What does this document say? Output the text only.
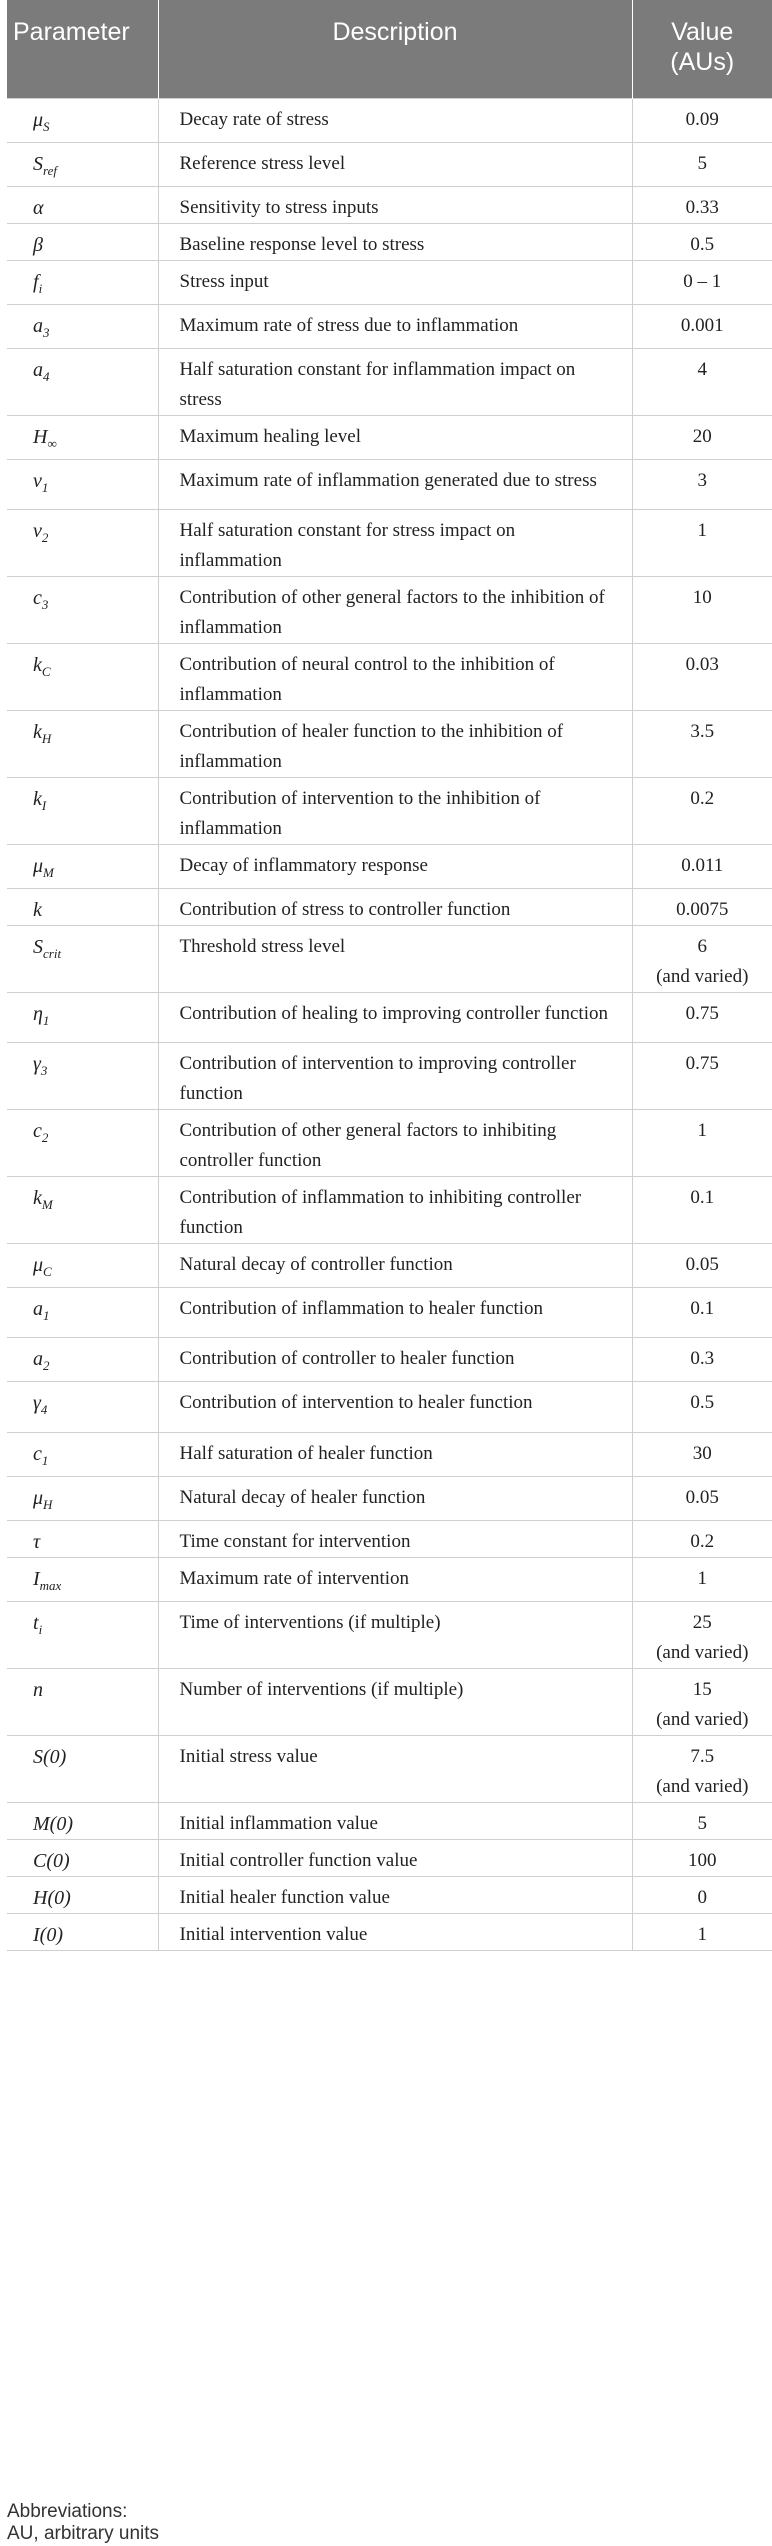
Parameter	Description	Value
(AUs)
$\mu_S$	Decay rate of stress	0.09

$S_{ref}$	Reference stress level	5

α	Sensitivity to stress inputs	0.33

β	Baseline response level to stress	0.5

$f_i$	Stress input	0 – 1

$a_3$	Maximum rate of stress due to inflammation	0.001

$a_4$	Half saturation constant for inflammation impact on stress	4

$H_\infty$	Maximum healing level	20

$v_1$	Maximum rate of inflammation generated due to stress	3

$v_2$	Half saturation constant for stress impact on inflammation	1

$c_3$	Contribution of other general factors to the inhibition of inflammation	10

$k_C$	Contribution of neural control to the inhibition of inflammation	0.03

$k_H$	Contribution of healer function to the inhibition of inflammation	3.5

$k_I$	Contribution of intervention to the inhibition of inflammation	0.2

$\mu_M$	Decay of inflammatory response	0.011

k	Contribution of stress to controller function	0.0075

$S_{crit}$	Threshold stress level	6
(and varied)

$\eta_1$	Contribution of healing to improving controller function	0.75

$\gamma_3$	Contribution of intervention to improving controller function	0.75

$c_2$	Contribution of other general factors to inhibiting controller function	1

$k_M$	Contribution of inflammation to inhibiting controller function	0.1

$\mu_C$	Natural decay of controller function	0.05

$a_1$	Contribution of inflammation to healer function	0.1

$a_2$	Contribution of controller to healer function	0.3

$\gamma_4$	Contribution of intervention to healer function	0.5

$c_1$	Half saturation of healer function	30

$\mu_H$	Natural decay of healer function	0.05

τ	Time constant for intervention	0.2

$I_{max}$	Maximum rate of intervention	1

$t_i$	Time of interventions (if multiple)	25
(and varied)

n	Number of interventions (if multiple)	15
(and varied)

S(0)	Initial stress value	7.5
(and varied)

M(0)	Initial inflammation value	5

C(0)	Initial controller function value	100

H(0)	Initial healer function value	0

I(0)	Initial intervention value	1
Abbreviations:
AU, arbitrary units
